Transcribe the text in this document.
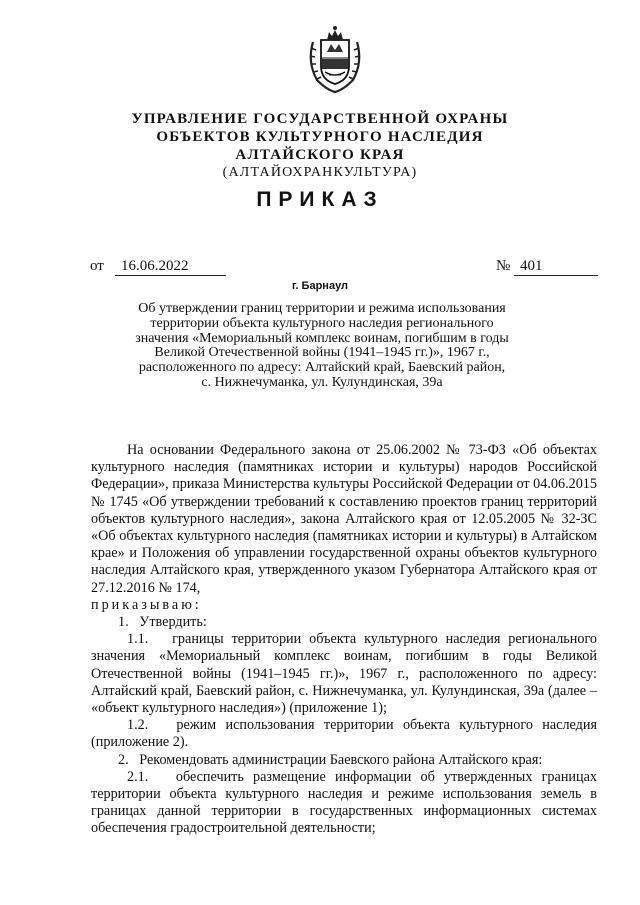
УПРАВЛЕНИЕ ГОСУДАРСТВЕННОЙ ОХРАНЫ
ОБЪЕКТОВ КУЛЬТУРНОГО НАСЛЕДИЯ
АЛТАЙСКОГО КРАЯ
(АЛТАЙОХРАНКУЛЬТУРА)
ПРИКАЗ
от	16.06.2022	№ 401
г. Барнаул
Об утверждении границ территории и режима использования
территории объекта культурного наследия регионального
значения «Мемориальный комплекс воинам, погибшим в годы
Великой Отечественной войны (1941–1945 гг.)», 1967 г.,
расположенного по адресу: Алтайский край, Баевский район,
с. Нижнечуманка, ул. Кулундинская, 39а

На основании Федерального закона от 25.06.2002 № 73-ФЗ «Об объектах культурного наследия (памятниках истории и культуры) народов Российской Федерации», приказа Министерства культуры Российской Федерации от 04.06.2015 № 1745 «Об утверждении требований к составлению проектов границ территорий объектов культурного наследия», закона Алтайского края от 12.05.2005 № 32-ЗС «Об объектах культурного наследия (памятниках истории и культуры) в Алтайском крае» и Положения об управлении государственной охраны объектов культурного наследия Алтайского края, утвержденного указом Губернатора Алтайского края от 27.12.2016 № 174,

приказываю:

1.   Утвердить:

1.1.   границы территории объекта культурного наследия регионального значения «Мемориальный комплекс воинам, погибшим в годы Великой Отечественной войны (1941–1945 гг.)», 1967 г., расположенного по адресу: Алтайский край, Баевский район, с. Нижнечуманка, ул. Кулундинская, 39а (далее – «объект культурного наследия») (приложение 1);

1.2.   режим использования территории объекта культурного наследия (приложение 2).

2.   Рекомендовать администрации Баевского района Алтайского края:

2.1.   обеспечить размещение информации об утвержденных границах территории объекта культурного наследия и режиме использования земель в границах данной территории в государственных информационных системах обеспечения градостроительной деятельности;
